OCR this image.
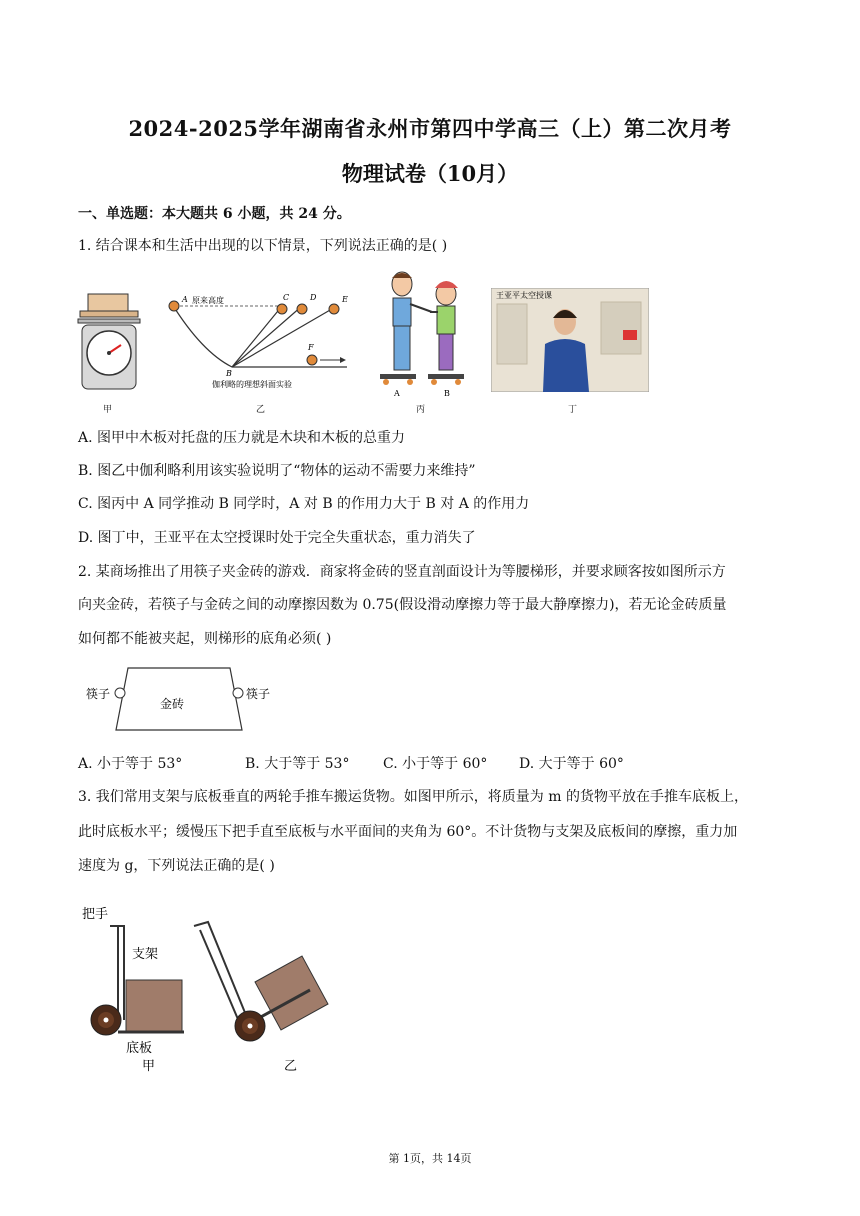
2024-2025学年湖南省永州市第四中学高三（上）第二次月考
物理试卷（10月）
一、单选题：本大题共 6 小题，共 24 分。
1. 结合课本和生活中出现的以下情景，下列说法正确的是( )
甲
A 原来高度	C	D	E
B
F
伽利略的理想斜面实验
乙
A	B
丙
王亚平太空授课
丁
A. 图甲中木板对托盘的压力就是木块和木板的总重力
B. 图乙中伽利略利用该实验说明了“物体的运动不需要力来维持”
C. 图丙中 A 同学推动 B 同学时，A 对 B 的作用力大于 B 对 A 的作用力
D. 图丁中，王亚平在太空授课时处于完全失重状态，重力消失了
2. 某商场推出了用筷子夹金砖的游戏．商家将金砖的竖直剖面设计为等腰梯形，并要求顾客按如图所示方
向夹金砖，若筷子与金砖之间的动摩擦因数为 0.75(假设滑动摩擦力等于最大静摩擦力)，若无论金砖质量
如何都不能被夹起，则梯形的底角必须( )
筷子	筷子
金砖
A. 小于等于 53°	B. 大于等于 53° C. 小于等于 60° D. 大于等于 60°
3. 我们常用支架与底板垂直的两轮手推车搬运货物。如图甲所示，将质量为 m 的货物平放在手推车底板上，
此时底板水平；缓慢压下把手直至底板与水平面间的夹角为 60°。不计货物与支架及底板间的摩擦，重力加
速度为 g，下列说法正确的是( )
把手
支架
底板
甲	乙
第 1页，共 14页
